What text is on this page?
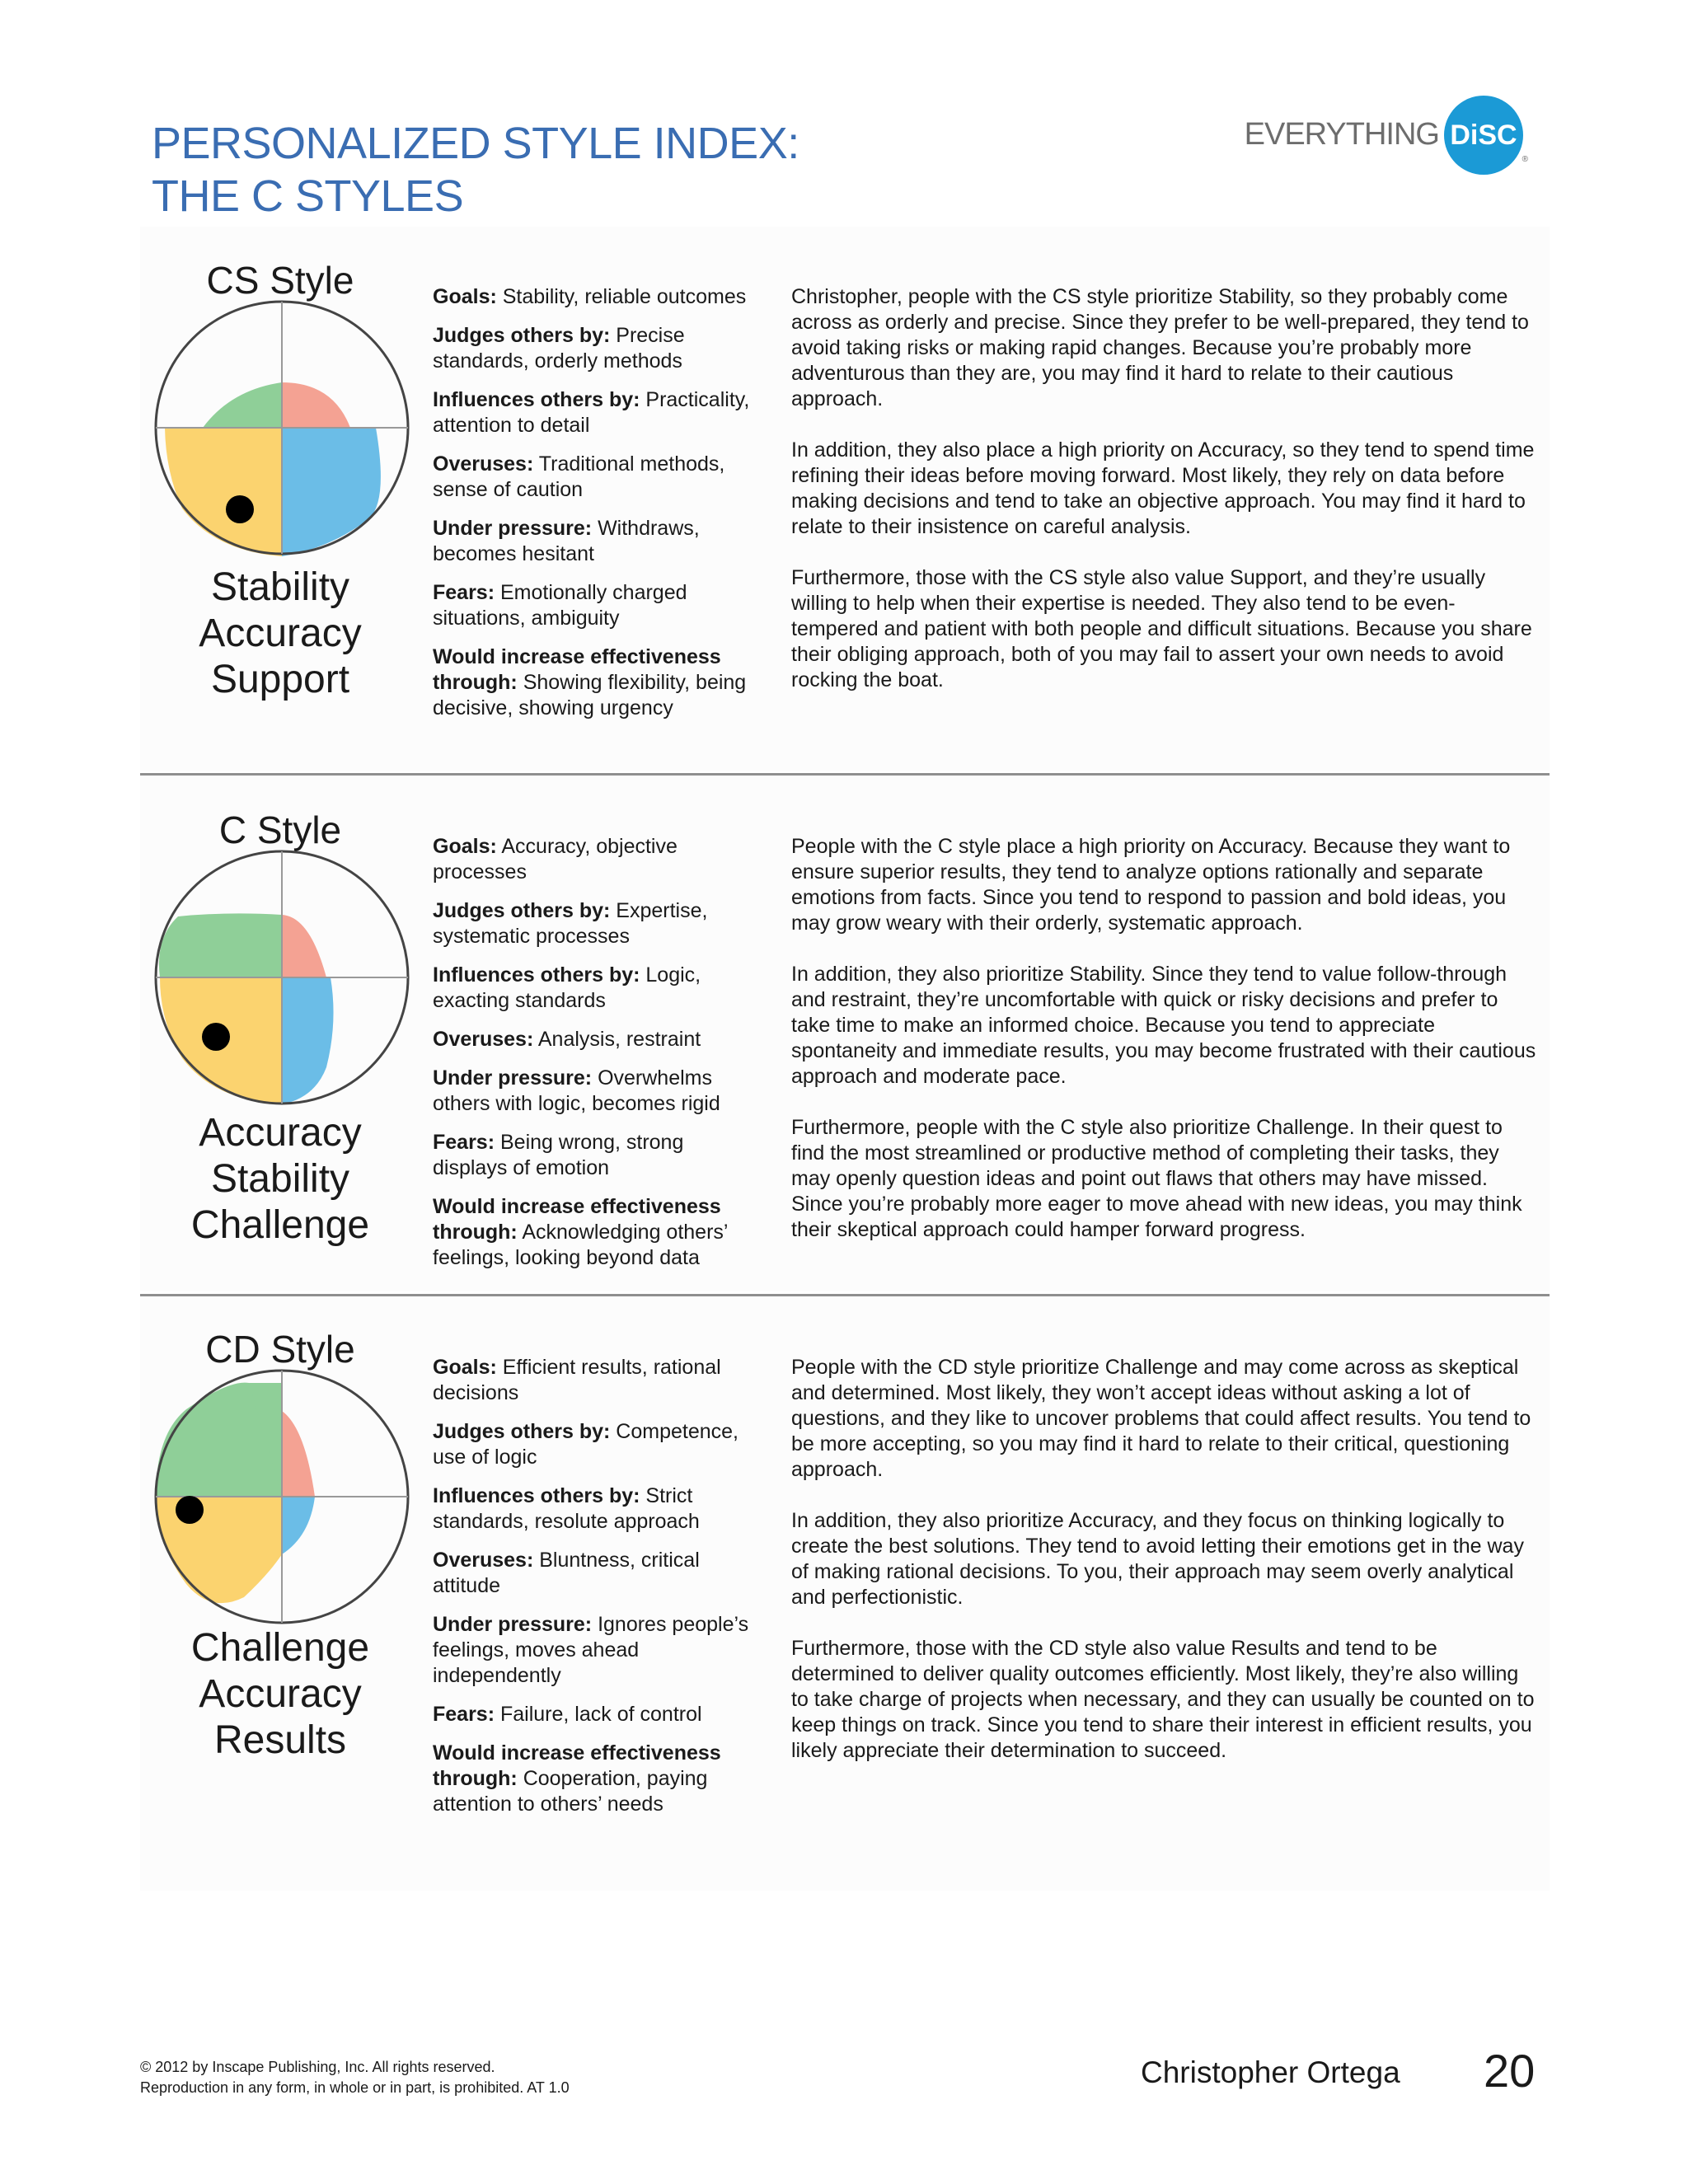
PERSONALIZED STYLE INDEX:
THE C STYLES
EVERYTHING DiSC
®
CS Style
Stability
Accuracy
Support
Goals: Stability, reliable outcomes
Judges others by: Precise standards, orderly methods
Influences others by: Practicality, attention to detail
Overuses: Traditional methods, sense of caution
Under pressure: Withdraws, becomes hesitant
Fears: Emotionally charged situations, ambiguity
Would increase effectiveness through: Showing flexibility, being decisive, showing urgency

Christopher, people with the CS style prioritize Stability, so they probably come across as orderly and precise. Since they prefer to be well-prepared, they tend to avoid taking risks or making rapid changes. Because you’re probably more adventurous than they are, you may find it hard to relate to their cautious approach.

In addition, they also place a high priority on Accuracy, so they tend to spend time refining their ideas before moving forward. Most likely, they rely on data before making decisions and tend to take an objective approach. You may find it hard to relate to their insistence on careful analysis.

Furthermore, those with the CS style also value Support, and they’re usually willing to help when their expertise is needed. They also tend to be even-tempered and patient with both people and difficult situations. Because you share their obliging approach, both of you may fail to assert your own needs to avoid rocking the boat.

C Style
Accuracy
Stability
Challenge
Goals: Accuracy, objective processes
Judges others by: Expertise, systematic processes
Influences others by: Logic, exacting standards
Overuses: Analysis, restraint
Under pressure: Overwhelms others with logic, becomes rigid
Fears: Being wrong, strong displays of emotion
Would increase effectiveness through: Acknowledging others’ feelings, looking beyond data

People with the C style place a high priority on Accuracy. Because they want to ensure superior results, they tend to analyze options rationally and separate emotions from facts. Since you tend to respond to passion and bold ideas, you may grow weary with their orderly, systematic approach.

In addition, they also prioritize Stability. Since they tend to value follow-through and restraint, they’re uncomfortable with quick or risky decisions and prefer to take time to make an informed choice. Because you tend to appreciate spontaneity and immediate results, you may become frustrated with their cautious approach and moderate pace.

Furthermore, people with the C style also prioritize Challenge. In their quest to find the most streamlined or productive method of completing their tasks, they may openly question ideas and point out flaws that others may have missed. Since you’re probably more eager to move ahead with new ideas, you may think their skeptical approach could hamper forward progress.

CD Style
Challenge
Accuracy
Results
Goals: Efficient results, rational decisions
Judges others by: Competence, use of logic
Influences others by: Strict standards, resolute approach
Overuses: Bluntness, critical attitude
Under pressure: Ignores people’s feelings, moves ahead independently
Fears: Failure, lack of control
Would increase effectiveness through: Cooperation, paying attention to others’ needs

People with the CD style prioritize Challenge and may come across as skeptical and determined. Most likely, they won’t accept ideas without asking a lot of questions, and they like to uncover problems that could affect results. You tend to be more accepting, so you may find it hard to relate to their critical, questioning approach.

In addition, they also prioritize Accuracy, and they focus on thinking logically to create the best solutions. They tend to avoid letting their emotions get in the way of making rational decisions. To you, their approach may seem overly analytical and perfectionistic.

Furthermore, those with the CD style also value Results and tend to be determined to deliver quality outcomes efficiently. Most likely, they’re also willing to take charge of projects when necessary, and they can usually be counted on to keep things on track. Since you tend to share their interest in efficient results, you likely appreciate their determination to succeed.

© 2012 by Inscape Publishing, Inc. All rights reserved.
Reproduction in any form, in whole or in part, is prohibited. AT 1.0	Christopher Ortega 20
